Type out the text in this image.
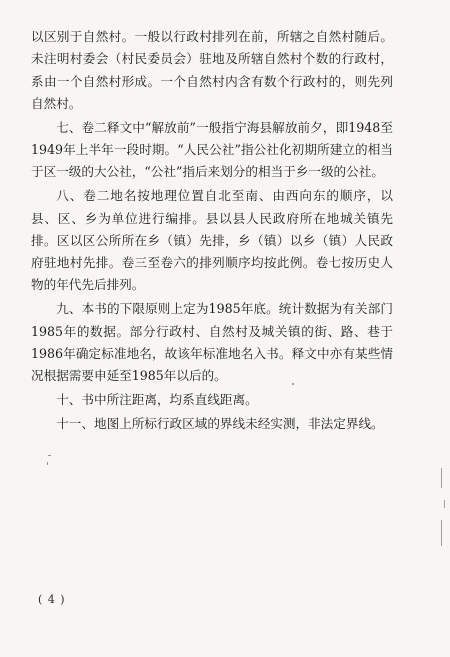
以区别于自然村。一般以行政村排列在前，所辖之自然村随后。未注明村委会（村民委员会）驻地及所辖自然村个数的行政村，系由一个自然村形成。一个自然村内含有数个行政村的，则先列自然村。

七、卷二释文中“解放前”一般指宁海县解放前夕，即1948至1949年上半年一段时期。“人民公社”指公社化初期所建立的相当于区一级的大公社，“公社”指后来划分的相当于乡一级的公社。

八、卷二地名按地理位置自北至南、由西向东的顺序，以县、区、乡为单位进行编排。县以县人民政府所在地城关镇先排。区以区公所所在乡（镇）先排，乡（镇）以乡（镇）人民政府驻地村先排。卷三至卷六的排列顺序均按此例。卷七按历史人物的年代先后排列。

九、本书的下限原则上定为1985年底。统计数据为有关部门1985年的数据。部分行政村、自然村及城关镇的街、路、巷于1986年确定标准地名，故该年标准地名入书。释文中亦有某些情况根据需要申延至1985年以后的。

十、书中所注距离，均系直线距离。

十一、地图上所标行政区域的界线未经实测，非法定界线。

( 4 )
